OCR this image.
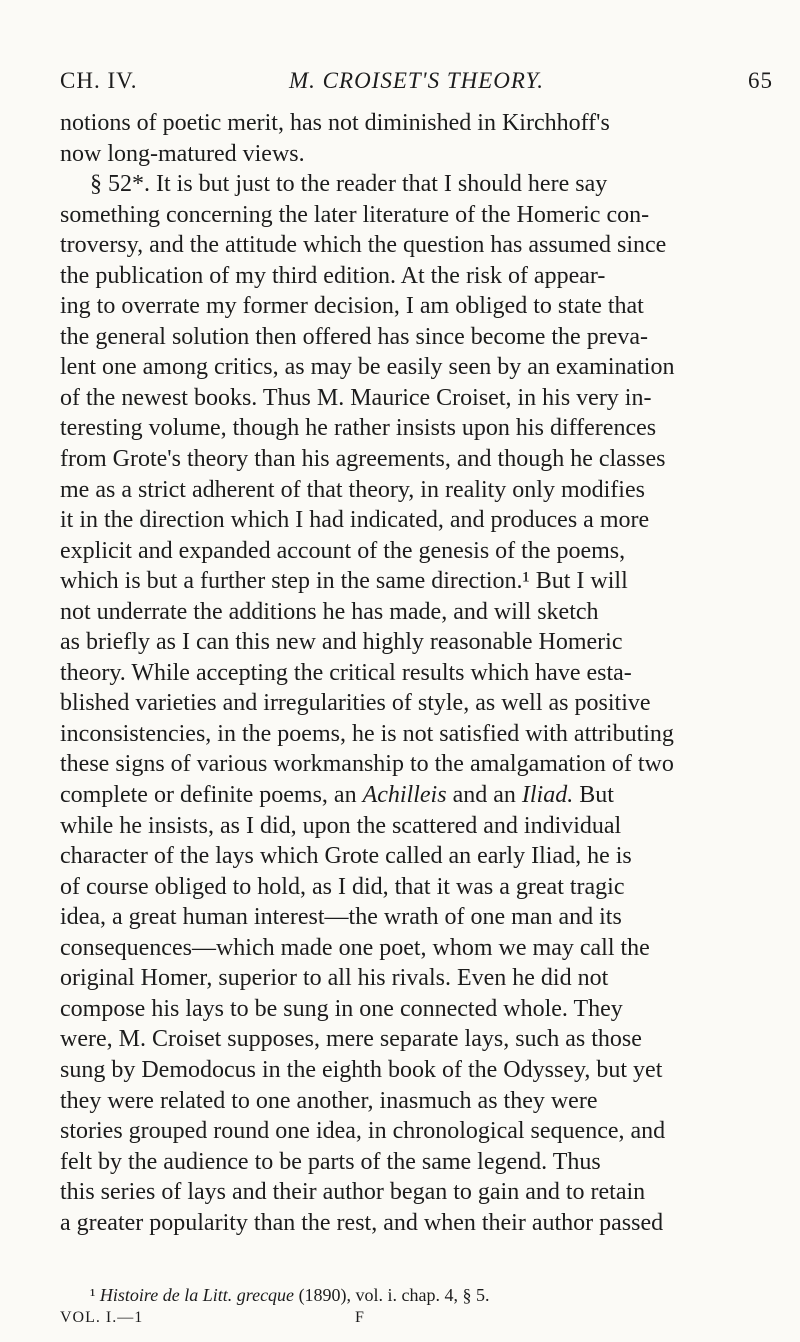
CH. IV.	M. CROISET'S THEORY.	65
notions of poetic merit, has not diminished in Kirchhoff's
now long-matured views.
§ 52*. It is but just to the reader that I should here say
something concerning the later literature of the Homeric con-
troversy, and the attitude which the question has assumed since
the publication of my third edition. At the risk of appear-
ing to overrate my former decision, I am obliged to state that
the general solution then offered has since become the preva-
lent one among critics, as may be easily seen by an examination
of the newest books. Thus M. Maurice Croiset, in his very in-
teresting volume, though he rather insists upon his differences
from Grote's theory than his agreements, and though he classes
me as a strict adherent of that theory, in reality only modifies
it in the direction which I had indicated, and produces a more
explicit and expanded account of the genesis of the poems,
which is but a further step in the same direction.¹ But I will
not underrate the additions he has made, and will sketch
as briefly as I can this new and highly reasonable Homeric
theory. While accepting the critical results which have esta-
blished varieties and irregularities of style, as well as positive
inconsistencies, in the poems, he is not satisfied with attributing
these signs of various workmanship to the amalgamation of two
complete or definite poems, an Achilleis and an Iliad. But
while he insists, as I did, upon the scattered and individual
character of the lays which Grote called an early Iliad, he is
of course obliged to hold, as I did, that it was a great tragic
idea, a great human interest—the wrath of one man and its
consequences—which made one poet, whom we may call the
original Homer, superior to all his rivals. Even he did not
compose his lays to be sung in one connected whole. They
were, M. Croiset supposes, mere separate lays, such as those
sung by Demodocus in the eighth book of the Odyssey, but yet
they were related to one another, inasmuch as they were
stories grouped round one idea, in chronological sequence, and
felt by the audience to be parts of the same legend. Thus
this series of lays and their author began to gain and to retain
a greater popularity than the rest, and when their author passed
¹ Histoire de la Litt. grecque (1890), vol. i. chap. 4, § 5.
VOL. I.—1	F
